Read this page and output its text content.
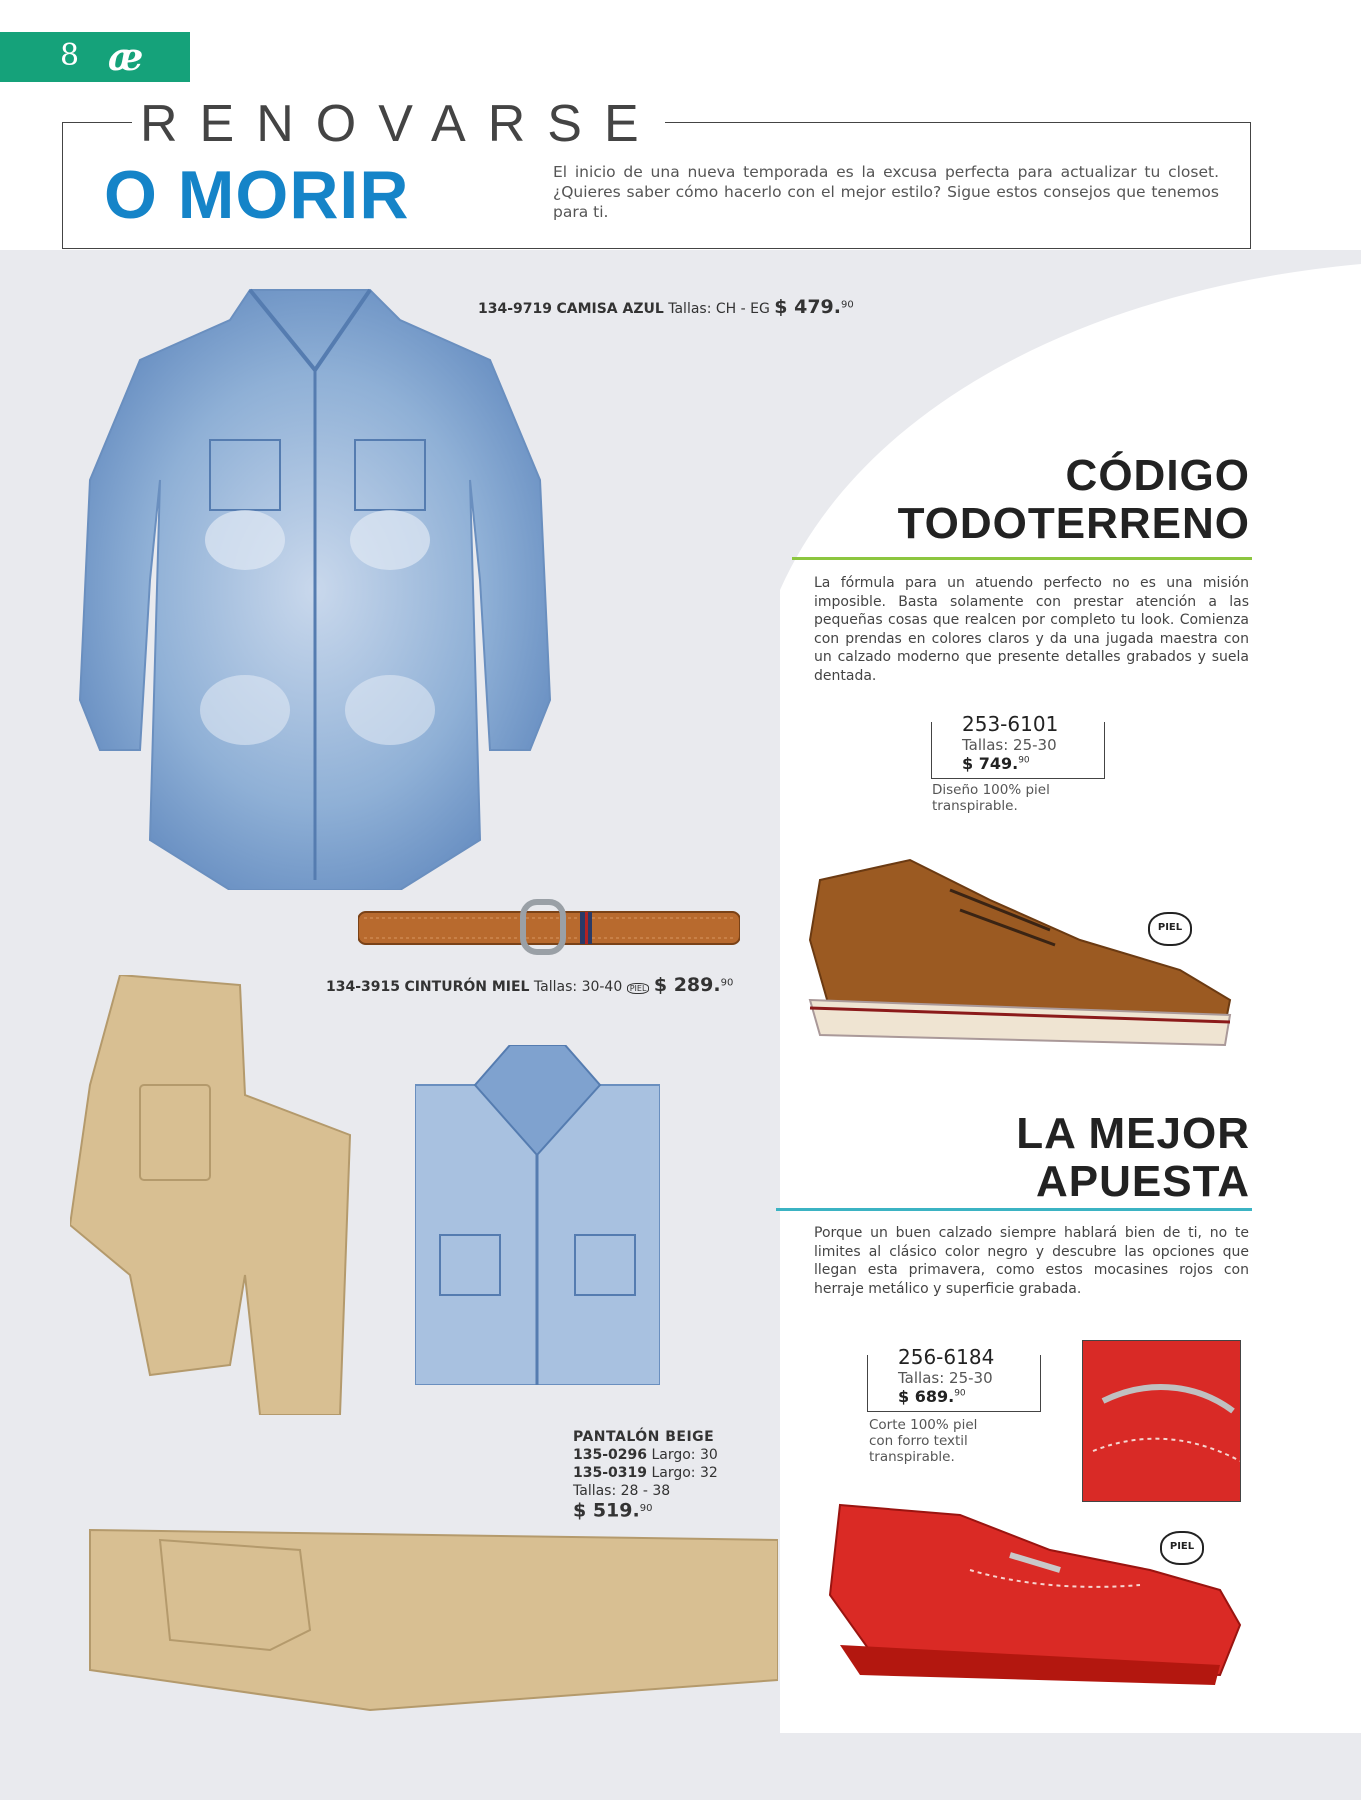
8 æ
RENOVARSE
O MORIR	El inicio de una nueva temporada es la excusa perfecta para actualizar tu closet. ¿Quieres saber cómo hacerlo con el mejor estilo? Sigue estos consejos que tenemos para ti.
134-9719 CAMISA AZUL Tallas: CH - EG $ 479.90
134-3915 CINTURÓN MIEL Tallas: 30-40 PIEL $ 289.90
PANTALÓN BEIGE
135-0296 Largo: 30
135-0319 Largo: 32
Tallas: 28 - 38
$ 519.90
CÓDIGO
TODOTERRENO
La fórmula para un atuendo perfecto no es una misión imposible. Basta solamente con prestar atención a las pequeñas cosas que realcen por completo tu look. Comienza con prendas en colores claros y da una jugada maestra con un calzado moderno que presente detalles grabados y suela dentada.
253-6101
Tallas: 25-30
$ 749.90
Diseño 100% piel
transpirable.
PIEL
LA MEJOR
APUESTA
Porque un buen calzado siempre hablará bien de ti, no te limites al clásico color negro y descubre las opciones que llegan esta primavera, como estos mocasines rojos con herraje metálico y superficie grabada.
256-6184
Tallas: 25-30
$ 689.90
Corte 100% piel
con forro textil
transpirable.
PIEL
